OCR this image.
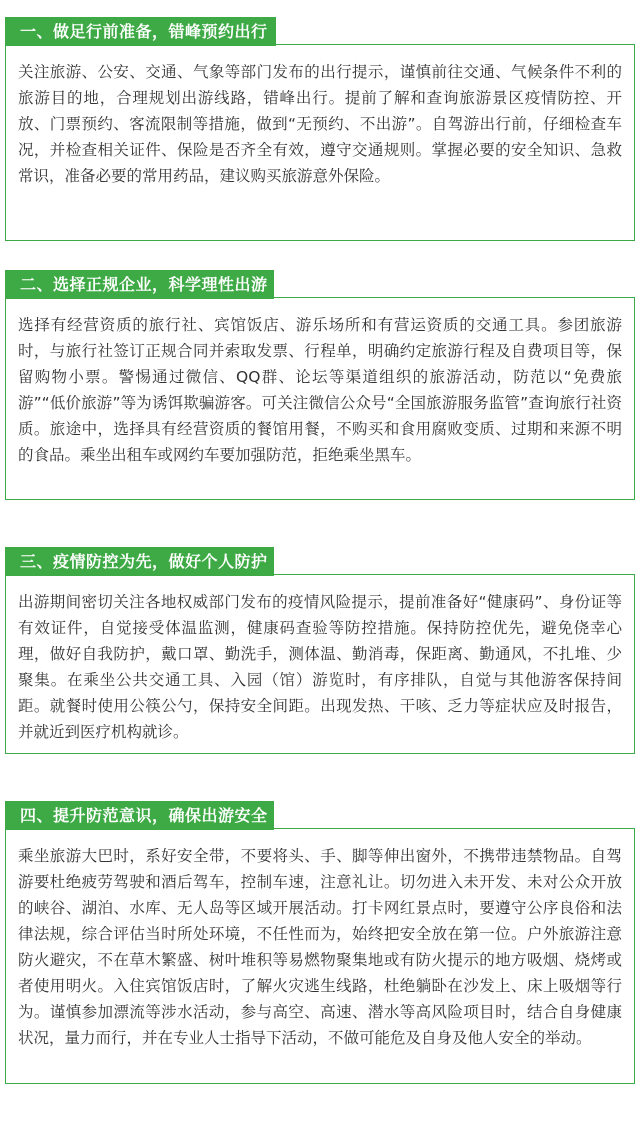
一、做足行前准备，错峰预约出行

关注旅游、公安、交通、气象等部门发布的出行提示，谨慎前往交通、气候条件不利的旅游目的地，合理规划出游线路，错峰出行。提前了解和查询旅游景区疫情防控、开放、门票预约、客流限制等措施，做到“无预约、不出游”。自驾游出行前，仔细检查车况，并检查相关证件、保险是否齐全有效，遵守交通规则。掌握必要的安全知识、急救常识，准备必要的常用药品，建议购买旅游意外保险。

二、选择正规企业，科学理性出游

选择有经营资质的旅行社、宾馆饭店、游乐场所和有营运资质的交通工具。参团旅游时，与旅行社签订正规合同并索取发票、行程单，明确约定旅游行程及自费项目等，保留购物小票。警惕通过微信、QQ群、论坛等渠道组织的旅游活动，防范以“免费旅游”“低价旅游”等为诱饵欺骗游客。可关注微信公众号“全国旅游服务监管”查询旅行社资质。旅途中，选择具有经营资质的餐馆用餐，不购买和食用腐败变质、过期和来源不明的食品。乘坐出租车或网约车要加强防范，拒绝乘坐黑车。

三、疫情防控为先，做好个人防护

出游期间密切关注各地权威部门发布的疫情风险提示，提前准备好“健康码”、身份证等有效证件，自觉接受体温监测，健康码查验等防控措施。保持防控优先，避免侥幸心理，做好自我防护，戴口罩、勤洗手，测体温、勤消毒，保距离、勤通风，不扎堆、少聚集。在乘坐公共交通工具、入园（馆）游览时，有序排队，自觉与其他游客保持间距。就餐时使用公筷公勺，保持安全间距。出现发热、干咳、乏力等症状应及时报告，并就近到医疗机构就诊。

四、提升防范意识，确保出游安全

乘坐旅游大巴时，系好安全带，不要将头、手、脚等伸出窗外，不携带违禁物品。自驾游要杜绝疲劳驾驶和酒后驾车，控制车速，注意礼让。切勿进入未开发、未对公众开放的峡谷、湖泊、水库、无人岛等区域开展活动。打卡网红景点时，要遵守公序良俗和法律法规，综合评估当时所处环境，不任性而为，始终把安全放在第一位。户外旅游注意防火避灾，不在草木繁盛、树叶堆积等易燃物聚集地或有防火提示的地方吸烟、烧烤或者使用明火。入住宾馆饭店时，了解火灾逃生线路，杜绝躺卧在沙发上、床上吸烟等行为。谨慎参加漂流等涉水活动，参与高空、高速、潜水等高风险项目时，结合自身健康状况，量力而行，并在专业人士指导下活动，不做可能危及自身及他人安全的举动。
